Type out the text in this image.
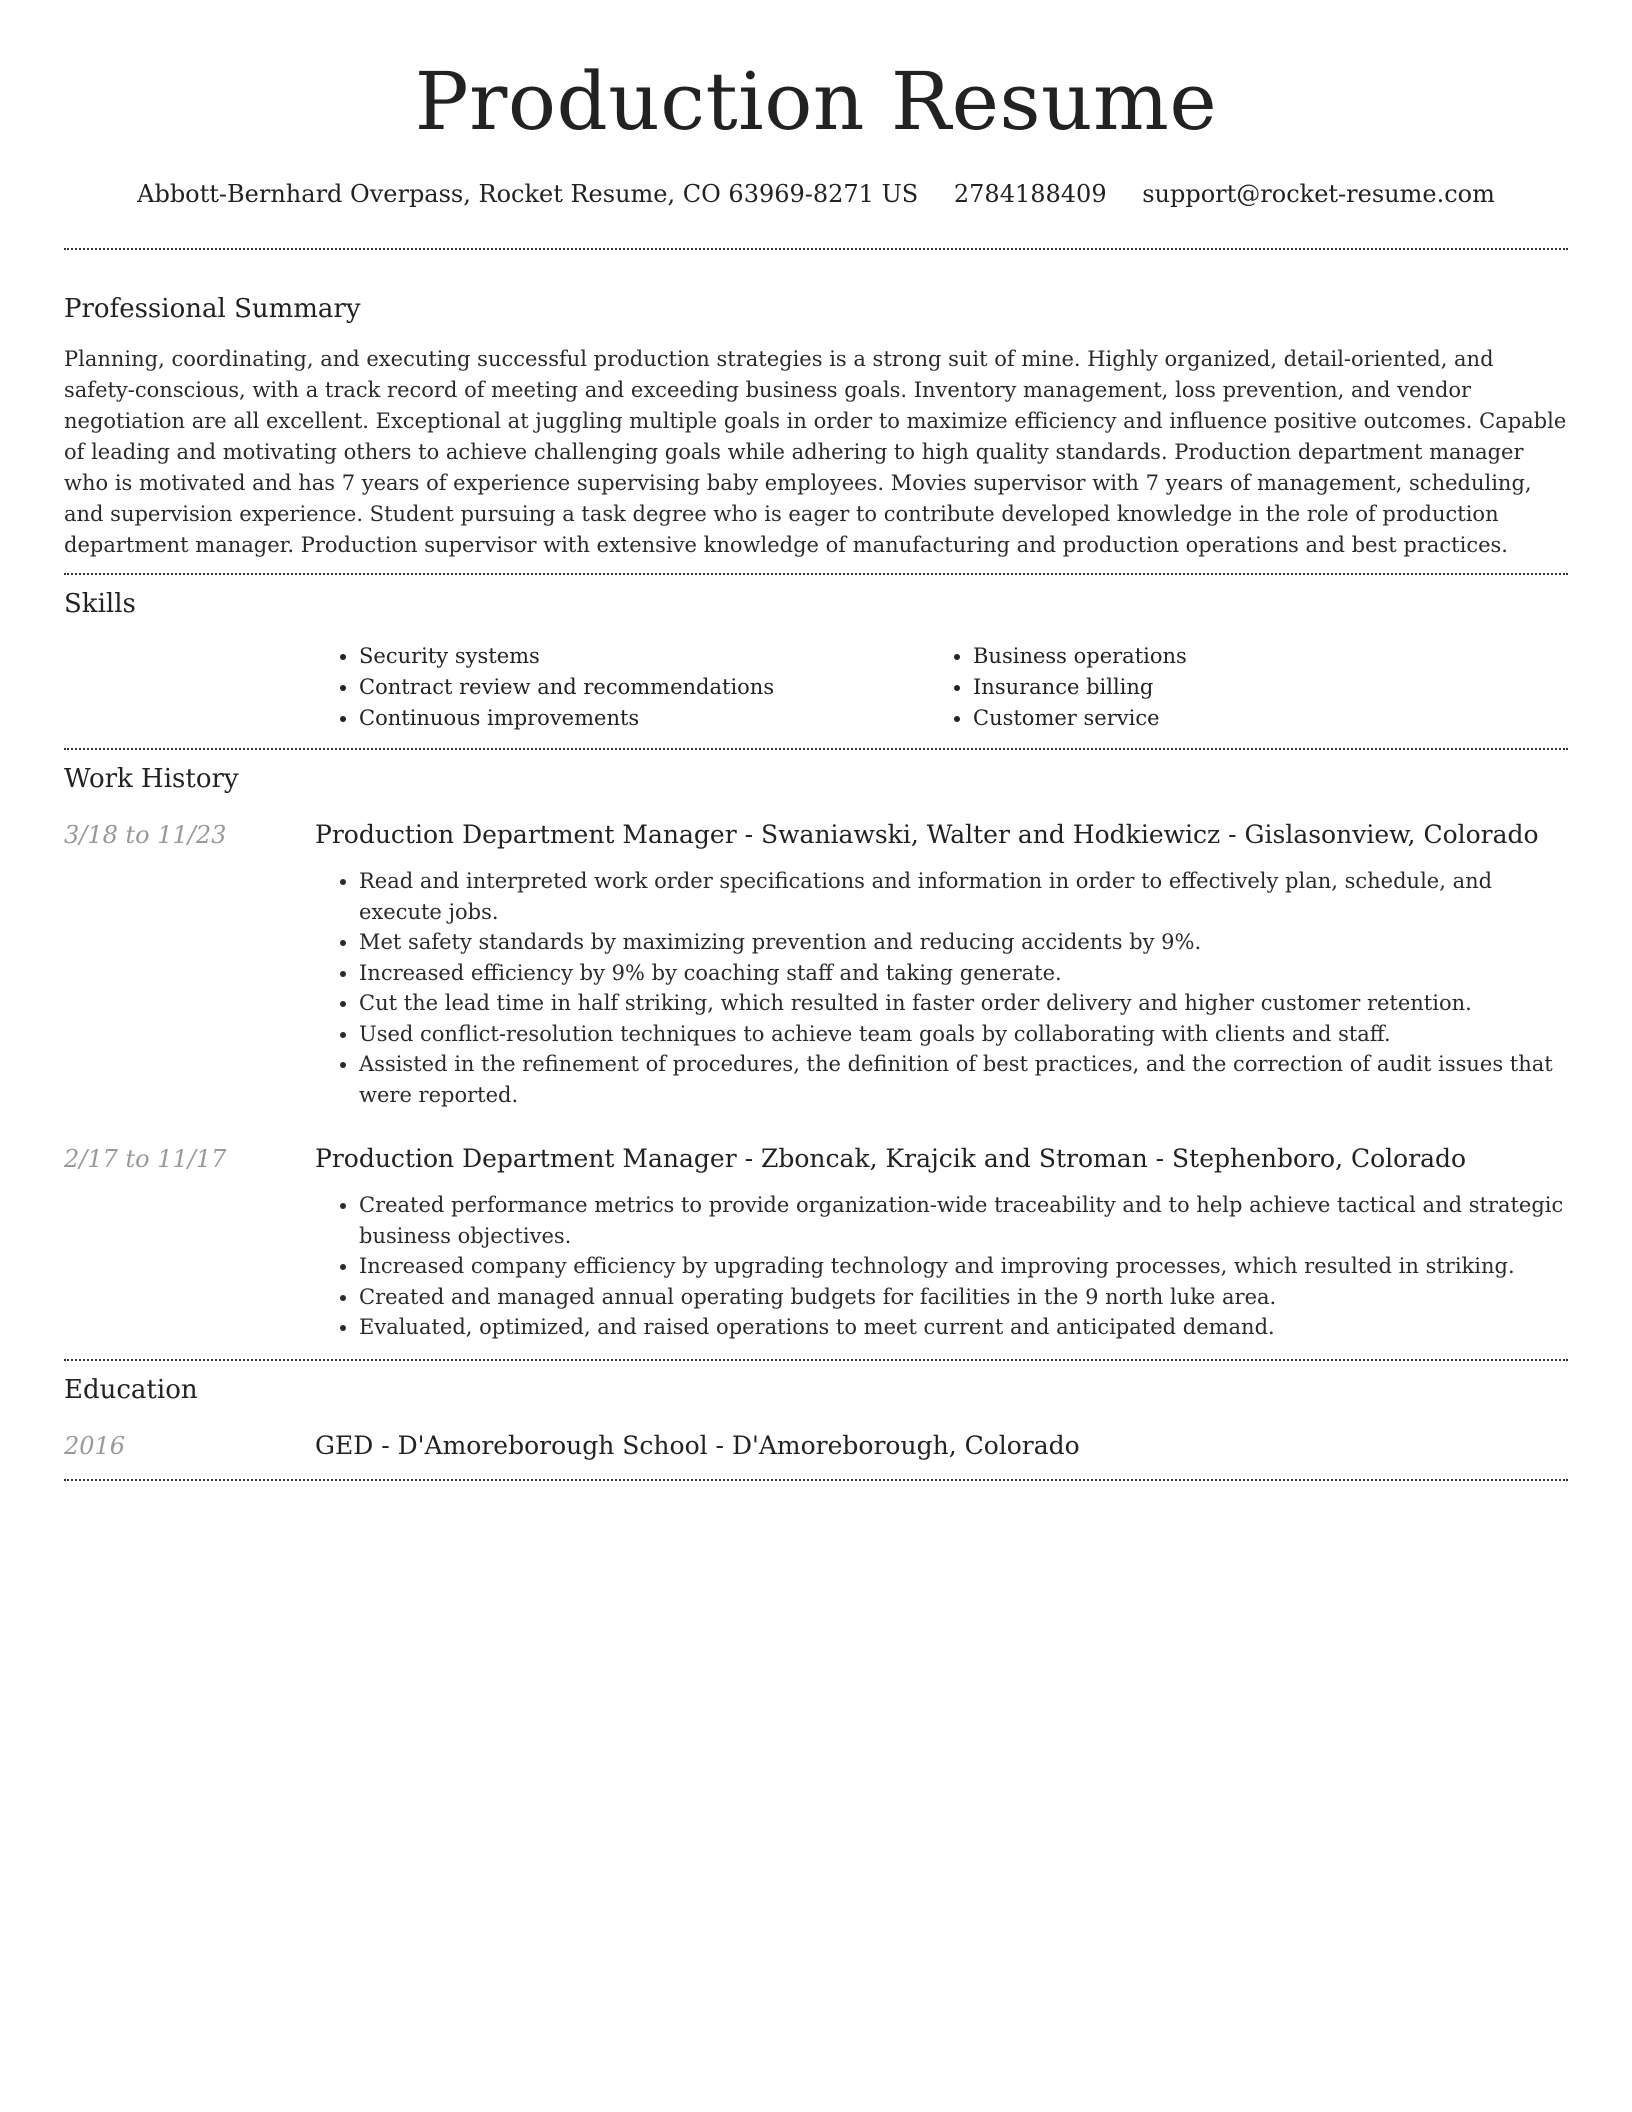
Production Resume
Abbott-Bernhard Overpass, Rocket Resume, CO 63969-8271 US 2784188409 support@rocket-resume.com
Professional Summary

Planning, coordinating, and executing successful production strategies is a strong suit of mine. Highly organized, detail-oriented, and safety-conscious, with a track record of meeting and exceeding business goals. Inventory management, loss prevention, and vendor negotiation are all excellent. Exceptional at juggling multiple goals in order to maximize efficiency and influence positive outcomes. Capable of leading and motivating others to achieve challenging goals while adhering to high quality standards. Production department manager who is motivated and has 7 years of experience supervising baby employees. Movies supervisor with 7 years of management, scheduling, and supervision experience. Student pursuing a task degree who is eager to contribute developed knowledge in the role of production department manager. Production supervisor with extensive knowledge of manufacturing and production operations and best practices.

Skills
• Security systems
• Contract review and recommendations
• Continuous improvements
• Business operations
• Insurance billing
• Customer service
Work History
3/18 to 11/23	Production Department Manager - Swaniawski, Walter and Hodkiewicz - Gislasonview, Colorado
• Read and interpreted work order specifications and information in order to effectively plan, schedule, and execute jobs.
• Met safety standards by maximizing prevention and reducing accidents by 9%.
• Increased efficiency by 9% by coaching staff and taking generate.
• Cut the lead time in half striking, which resulted in faster order delivery and higher customer retention.
• Used conflict-resolution techniques to achieve team goals by collaborating with clients and staff.
• Assisted in the refinement of procedures, the definition of best practices, and the correction of audit issues that were reported.
2/17 to 11/17	Production Department Manager - Zboncak, Krajcik and Stroman - Stephenboro, Colorado
• Created performance metrics to provide organization-wide traceability and to help achieve tactical and strategic business objectives.
• Increased company efficiency by upgrading technology and improving processes, which resulted in striking.
• Created and managed annual operating budgets for facilities in the 9 north luke area.
• Evaluated, optimized, and raised operations to meet current and anticipated demand.
Education
2016	GED - D'Amoreborough School - D'Amoreborough, Colorado
